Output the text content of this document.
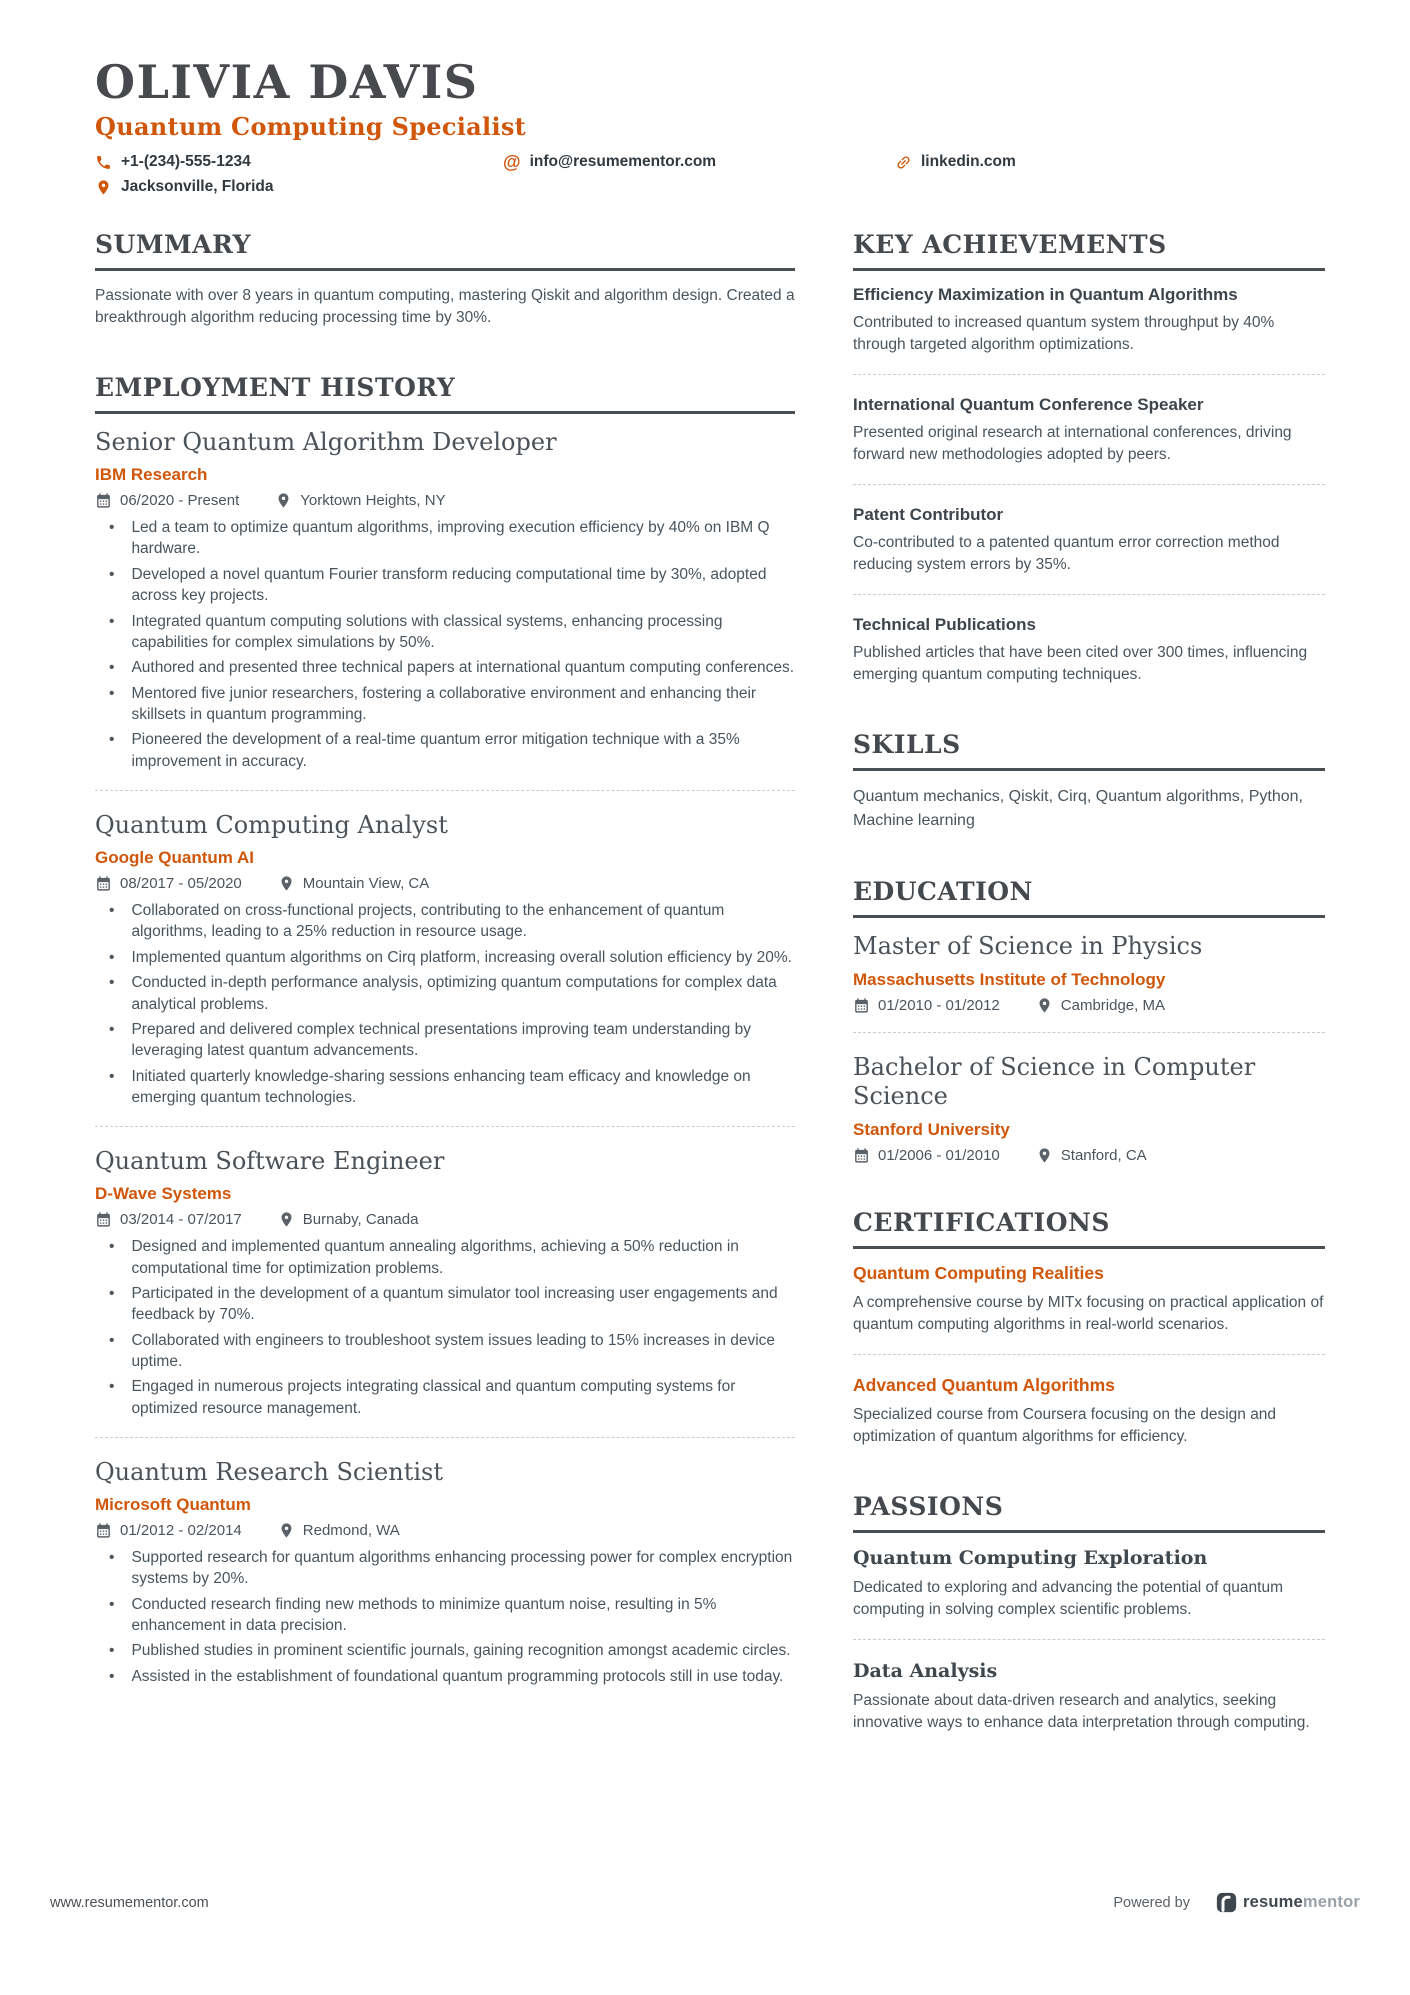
OLIVIA DAVIS
Quantum Computing Specialist
+1-(234)-555-1234	@ info@resumementor.com	linkedin.com
Jacksonville, Florida
SUMMARY
Passionate with over 8 years in quantum computing, mastering Qiskit and algorithm design. Created a breakthrough algorithm reducing processing time by 30%.
EMPLOYMENT HISTORY
Senior Quantum Algorithm Developer
IBM Research
06/2020 - Present	Yorktown Heights, NY
• Led a team to optimize quantum algorithms, improving execution efficiency by 40% on IBM Q hardware.
• Developed a novel quantum Fourier transform reducing computational time by 30%, adopted across key projects.
• Integrated quantum computing solutions with classical systems, enhancing processing capabilities for complex simulations by 50%.
• Authored and presented three technical papers at international quantum computing conferences.
• Mentored five junior researchers, fostering a collaborative environment and enhancing their skillsets in quantum programming.
• Pioneered the development of a real-time quantum error mitigation technique with a 35% improvement in accuracy.
Quantum Computing Analyst
Google Quantum AI
08/2017 - 05/2020	Mountain View, CA
• Collaborated on cross-functional projects, contributing to the enhancement of quantum algorithms, leading to a 25% reduction in resource usage.
• Implemented quantum algorithms on Cirq platform, increasing overall solution efficiency by 20%.
• Conducted in-depth performance analysis, optimizing quantum computations for complex data analytical problems.
• Prepared and delivered complex technical presentations improving team understanding by leveraging latest quantum advancements.
• Initiated quarterly knowledge-sharing sessions enhancing team efficacy and knowledge on emerging quantum technologies.
Quantum Software Engineer
D-Wave Systems
03/2014 - 07/2017	Burnaby, Canada
• Designed and implemented quantum annealing algorithms, achieving a 50% reduction in computational time for optimization problems.
• Participated in the development of a quantum simulator tool increasing user engagements and feedback by 70%.
• Collaborated with engineers to troubleshoot system issues leading to 15% increases in device uptime.
• Engaged in numerous projects integrating classical and quantum computing systems for optimized resource management.
Quantum Research Scientist
Microsoft Quantum
01/2012 - 02/2014	Redmond, WA
• Supported research for quantum algorithms enhancing processing power for complex encryption systems by 20%.
• Conducted research finding new methods to minimize quantum noise, resulting in 5% enhancement in data precision.
• Published studies in prominent scientific journals, gaining recognition amongst academic circles.
• Assisted in the establishment of foundational quantum programming protocols still in use today.
KEY ACHIEVEMENTS
Efficiency Maximization in Quantum Algorithms
Contributed to increased quantum system throughput by 40% through targeted algorithm optimizations.
International Quantum Conference Speaker
Presented original research at international conferences, driving forward new methodologies adopted by peers.
Patent Contributor
Co-contributed to a patented quantum error correction method reducing system errors by 35%.
Technical Publications
Published articles that have been cited over 300 times, influencing emerging quantum computing techniques.
SKILLS
Quantum mechanics, Qiskit, Cirq, Quantum algorithms, Python, Machine learning
EDUCATION
Master of Science in Physics
Massachusetts Institute of Technology
01/2010 - 01/2012	Cambridge, MA
Bachelor of Science in Computer Science
Stanford University
01/2006 - 01/2010	Stanford, CA
CERTIFICATIONS
Quantum Computing Realities
A comprehensive course by MITx focusing on practical application of quantum computing algorithms in real-world scenarios.
Advanced Quantum Algorithms
Specialized course from Coursera focusing on the design and optimization of quantum algorithms for efficiency.
PASSIONS
Quantum Computing Exploration
Dedicated to exploring and advancing the potential of quantum computing in solving complex scientific problems.
Data Analysis
Passionate about data-driven research and analytics, seeking innovative ways to enhance data interpretation through computing.
www.resumementor.com	Powered by	resumementor
